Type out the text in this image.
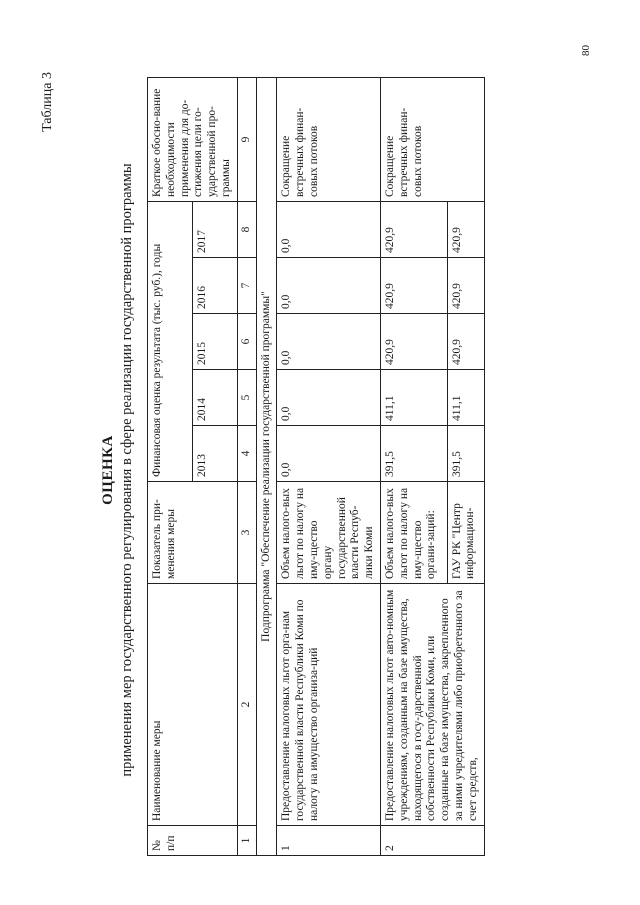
80
Таблица 3
ОЦЕНКА применения мер государственного регулирования в сфере реализации государственной программы
№ п/п	Наименование меры	Показатель при-менения меры	Финансовая оценка результата (тыс. руб.), годы					Краткое обосно-вание необходимости применения для до-стижения цели го-ударственной про-граммы
			2013	2014	2015	2016	2017	
1	2	3	4	5	6	7	8	9
Подпрограмма "Обеспечение реализации государственной программы"								
1	Предоставление налоговых льгот орга-нам государственной власти Республики Коми по налогу на имущество организа-ций	Объем налого-вых льгот по налогу на иму-щество органу государственной власти Респуб-лики Коми	0,0	0,0	0,0	0,0	0,0	Сокращение встречных финан-совых потоков
2	Предоставление налоговых льгот авто-номным учреждениям, созданным на базе имущества, находящегося в госу-дарственной собственности Республики Коми, или созданные на базе имущества, закрепленного за ними учредителями либо приобретенного за счет средств,	Объем налого-вых льгот по налогу на иму-щество органи-заций:	391,5	411,1	420,9	420,9	420,9	Сокращение встречных финан-совых потоков
		ГАУ РК "Центр информацион-	391,5	411,1	420,9	420,9	420,9	
